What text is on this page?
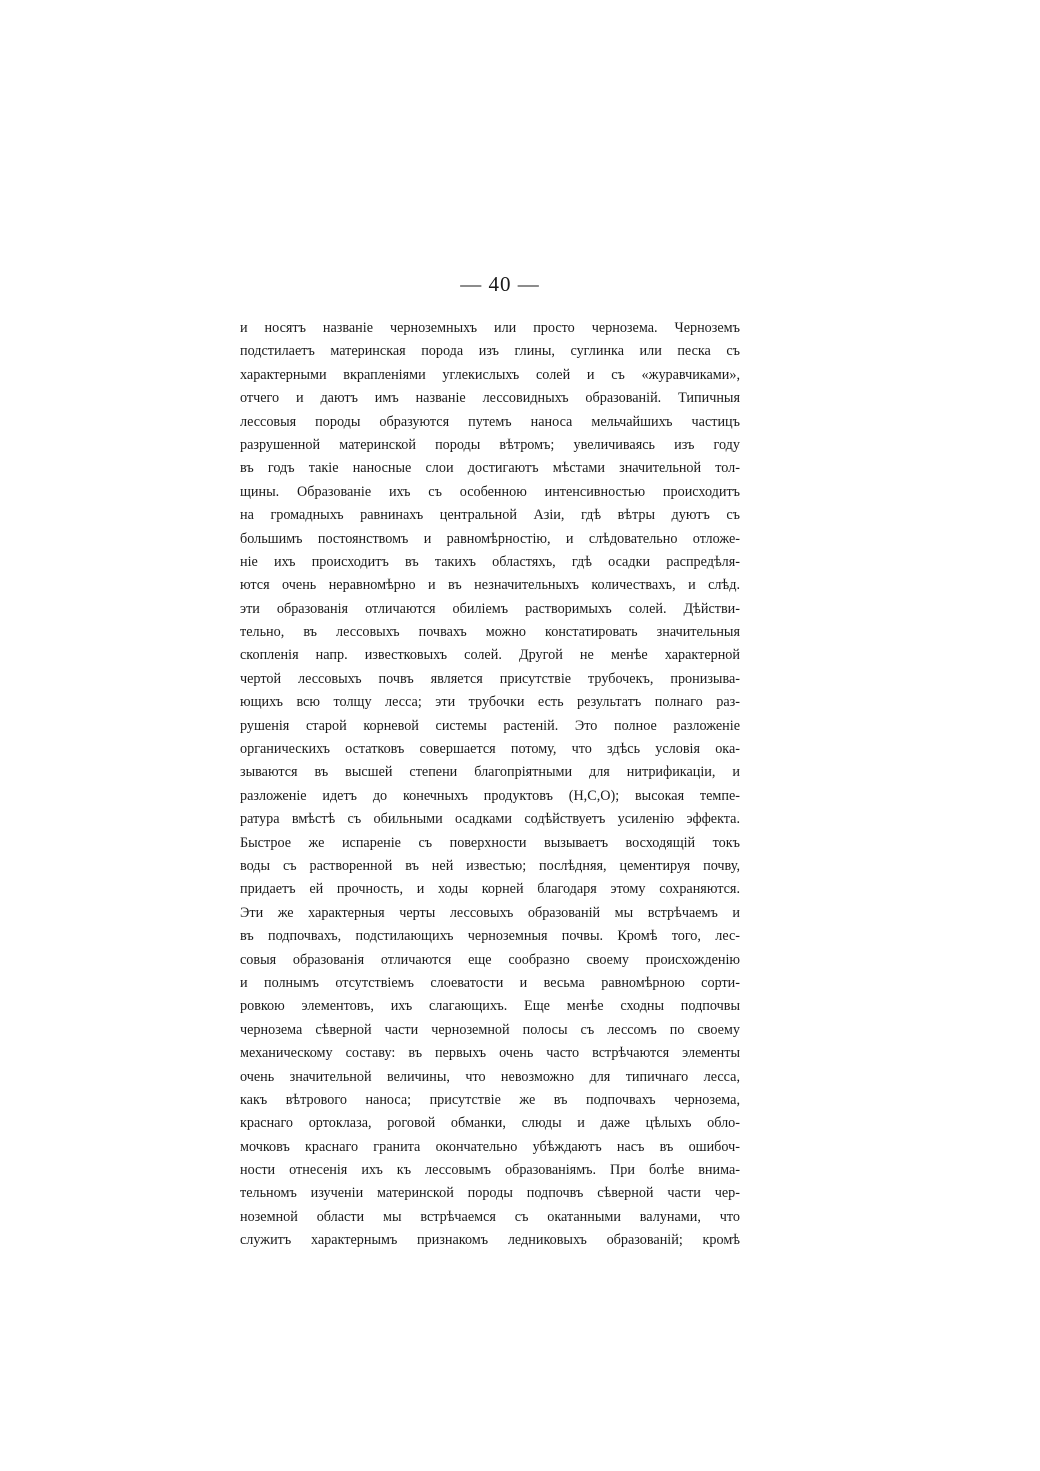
— 40 —
и носятъ названіе черноземныхъ или просто чернозема. Черноземъ
подстилаетъ материнская порода изъ глины, суглинка или песка съ
характерными вкрапленіями углекислыхъ солей и съ «журавчиками»,
отчего и даютъ имъ названіе лессовидныхъ образованій. Типичныя
лессовыя породы образуются путемъ наноса мельчайшихъ частицъ
разрушенной материнской породы вѣтромъ; увеличиваясь изъ году
въ годъ такіе наносные слои достигаютъ мѣстами значительной тол-
щины. Образованіе ихъ съ особенною интенсивностью происходитъ
на громадныхъ равнинахъ центральной Азіи, гдѣ вѣтры дуютъ съ
большимъ постоянствомъ и равномѣрностію, и слѣдовательно отложе-
ніе ихъ происходитъ въ такихъ областяхъ, гдѣ осадки распредѣля-
ются очень неравномѣрно и въ незначительныхъ количествахъ, и слѣд.
эти образованія отличаются обиліемъ растворимыхъ солей. Дѣйстви-
тельно, въ лессовыхъ почвахъ можно констатировать значительныя
скопленія напр. известковыхъ солей. Другой не менѣе характерной
чертой лессовыхъ почвъ является присутствіе трубочекъ, пронизыва-
ющихъ всю толщу лесса; эти трубочки есть результатъ полнаго раз-
рушенія старой корневой системы растеній. Это полное разложеніе
органическихъ остатковъ совершается потому, что здѣсь условія ока-
зываются въ высшей степени благопріятными для нитрификаціи, и
разложеніе идетъ до конечныхъ продуктовъ (H,C,O); высокая темпе-
ратура вмѣстѣ съ обильными осадками содѣйствуетъ усиленію эффекта.
Быстрое же испареніе съ поверхности вызываетъ восходящій токъ
воды съ растворенной въ ней известью; послѣдняя, цементируя почву,
придаетъ ей прочность, и ходы корней благодаря этому сохраняются.
Эти же характерныя черты лессовыхъ образованій мы встрѣчаемъ и
въ подпочвахъ, подстилающихъ черноземныя почвы. Кромѣ того, лес-
совыя образованія отличаются еще сообразно своему происхожденію
и полнымъ отсутствіемъ слоеватости и весьма равномѣрною сорти-
ровкою элементовъ, ихъ слагающихъ. Еще менѣе сходны подпочвы
чернозема сѣверной части черноземной полосы съ лессомъ по своему
механическому составу: въ первыхъ очень часто встрѣчаются элементы
очень значительной величины, что невозможно для типичнаго лесса,
какъ вѣтрового наноса; присутствіе же въ подпочвахъ чернозема,
краснаго ортоклаза, роговой обманки, слюды и даже цѣлыхъ обло-
мочковъ краснаго гранита окончательно убѣждаютъ насъ въ ошибоч-
ности отнесенія ихъ къ лессовымъ образованіямъ. При болѣе внима-
тельномъ изученіи материнской породы подпочвъ сѣверной части чер-
ноземной области мы встрѣчаемся съ окатанными валунами, что
служитъ характернымъ признакомъ ледниковыхъ образованій; кромѣ
